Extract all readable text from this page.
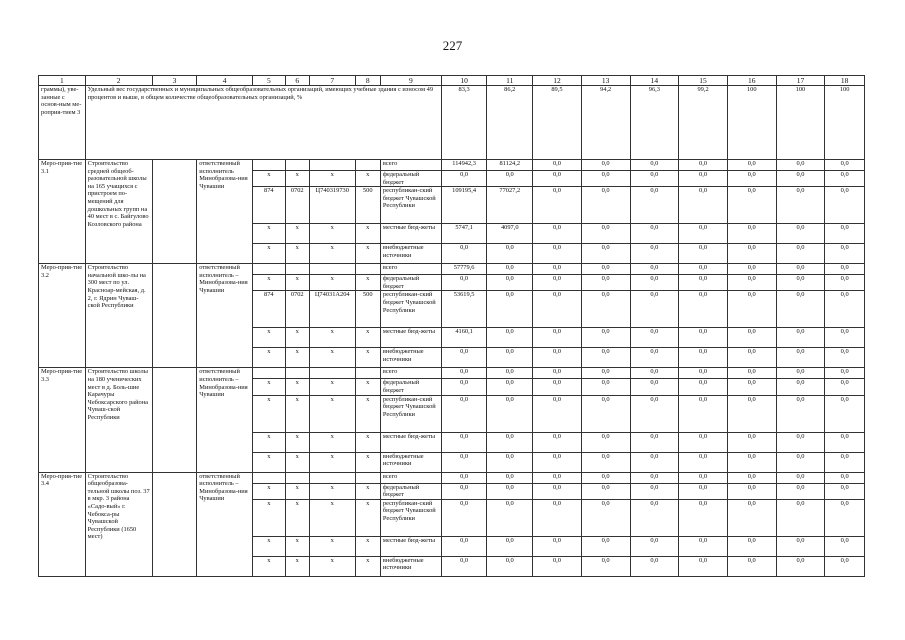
227
1	2	3	4	5	6	7	8	9	10	11	12	13	14	15	16	17	18
граммы), уве-занные с основ-ным ме-роприя-тием 3	Удельный вес государственных и муниципальных общеобразовательных организаций, имеющих учебные здания с износом 49 процентов и выше, в общем количестве общеобразовательных организаций, %								83,3	86,2	89,5	94,2	96,3	99,2	100	100	100
Меро-прия-тие 3.1	Строительство средней общеоб-разовательной школы на 165 учащихся с пристроем по-мещений для дошкольных групп на 40 мест в с. Байгулово Козловского района		ответственный исполнитель Минобразова-ния Чувашии					всего	114942,3	81124,2	0,0	0,0	0,0	0,0	0,0	0,0	0,0
				x	x	x	x	федеральный бюджет	0,0	0,0	0,0	0,0	0,0	0,0	0,0	0,0	0,0
				874	0702	Ц740319730	500	республикан-ский бюджет Чувашской Республики	109195,4	77027,2	0,0	0,0	0,0	0,0	0,0	0,0	0,0
				x	x	x	x	местные бюд-жеты	5747,1	4097,0	0,0	0,0	0,0	0,0	0,0	0,0	0,0
				x	x	x	x	внебюджетные источники	0,0	0,0	0,0	0,0	0,0	0,0	0,0	0,0	0,0
Меро-прия-тие 3.2	Строительство начальной шко-лы на 300 мест по ул. Красноар-мейская, д. 2, г. Ядрин Чуваш-ской Республики		ответственный исполнитель – Минобразова-ния Чувашии					всего	57779,6	0,0	0,0	0,0	0,0	0,0	0,0	0,0	0,0
				x	x	x	x	федеральный бюджет	0,0	0,0	0,0	0,0	0,0	0,0	0,0	0,0	0,0
				874	0702	Ц74031А204	500	республикан-ский бюджет Чувашской Республики	53619,5	0,0	0,0	0,0	0,0	0,0	0,0	0,0	0,0
				x	x	x	x	местные бюд-жеты	4160,1	0,0	0,0	0,0	0,0	0,0	0,0	0,0	0,0
				x	x	x	x	внебюджетные источники	0,0	0,0	0,0	0,0	0,0	0,0	0,0	0,0	0,0
Меро-прия-тие 3.3	Строительство школы на 180 ученических мест в д. Боль-шие Карачуры Чебоксарского района Чуваш-ской Республики		ответственный исполнитель – Минобразова-ния Чувашии					всего	0,0	0,0	0,0	0,0	0,0	0,0	0,0	0,0	0,0
				x	x	x	x	федеральный бюджет	0,0	0,0	0,0	0,0	0,0	0,0	0,0	0,0	0,0
				x	x	x	x	республикан-ский бюджет Чувашской Республики	0,0	0,0	0,0	0,0	0,0	0,0	0,0	0,0	0,0
				x	x	x	x	местные бюд-жеты	0,0	0,0	0,0	0,0	0,0	0,0	0,0	0,0	0,0
				x	x	x	x	внебюджетные источники	0,0	0,0	0,0	0,0	0,0	0,0	0,0	0,0	0,0
Меро-прия-тие 3.4	Строительство общеобразова-тельной школы поз. 37 в мкр. 3 района «Садо-вый» г. Чебокса-ры Чувашской Республики (1650 мест)		ответственный исполнитель – Минобразова-ния Чувашии					всего	0,0	0,0	0,0	0,0	0,0	0,0	0,0	0,0	0,0
				x	x	x	x	федеральный бюджет	0,0	0,0	0,0	0,0	0,0	0,0	0,0	0,0	0,0
				x	x	x	x	республикан-ский бюджет Чувашской Республики	0,0	0,0	0,0	0,0	0,0	0,0	0,0	0,0	0,0
				x	x	x	x	местные бюд-жеты	0,0	0,0	0,0	0,0	0,0	0,0	0,0	0,0	0,0
				x	x	x	x	внебюджетные источники	0,0	0,0	0,0	0,0	0,0	0,0	0,0	0,0	0,0
